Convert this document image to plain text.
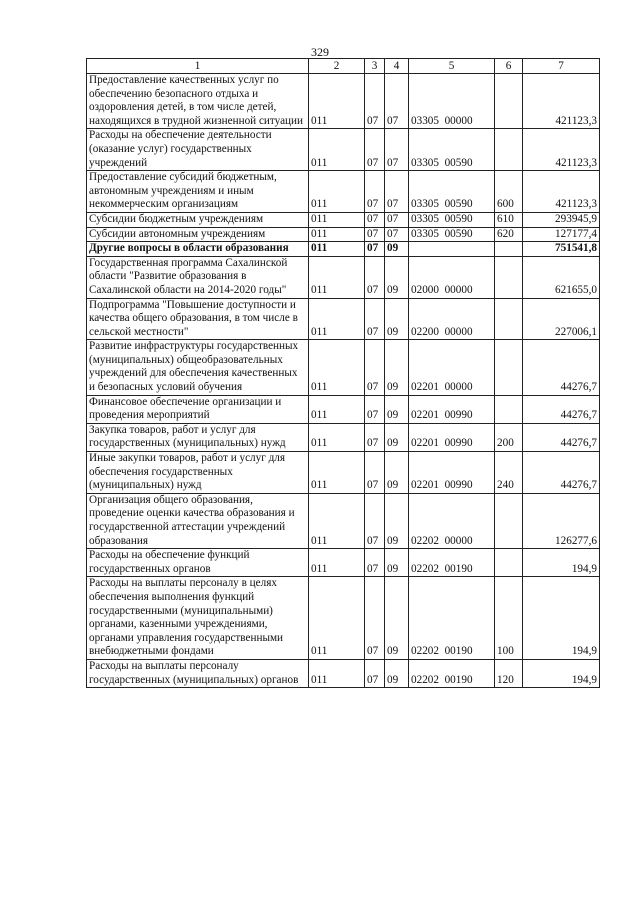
329
1	2	3	4	5	6	7
Предоставление качественных услуг по обеспечению безопасного отдыха и оздоровления детей, в том числе детей, находящихся в трудной жизненной ситуации	011	07	07	03305  00000		421123,3
Расходы на обеспечение деятельности (оказание услуг) государственных учреждений	011	07	07	03305  00590		421123,3
Предоставление субсидий бюджетным, автономным учреждениям и иным некоммерческим организациям	011	07	07	03305  00590	600	421123,3
Субсидии бюджетным учреждениям	011	07	07	03305  00590	610	293945,9
Субсидии автономным учреждениям	011	07	07	03305  00590	620	127177,4
Другие вопросы в области образования	011	07	09			751541,8
Государственная программа Сахалинской области "Развитие образования в Сахалинской области на 2014-2020 годы"	011	07	09	02000  00000		621655,0
Подпрограмма "Повышение доступности и качества общего образования, в том числе в сельской местности"	011	07	09	02200  00000		227006,1
Развитие инфраструктуры государственных (муниципальных) общеобразовательных учреждений для обеспечения качественных и безопасных условий обучения	011	07	09	02201  00000		44276,7
Финансовое обеспечение организации и проведения мероприятий	011	07	09	02201  00990		44276,7
Закупка товаров, работ и услуг для государственных (муниципальных) нужд	011	07	09	02201  00990	200	44276,7
Иные закупки товаров, работ и услуг для обеспечения государственных (муниципальных) нужд	011	07	09	02201  00990	240	44276,7
Организация общего образования, проведение оценки качества образования и государственной аттестации учреждений образования	011	07	09	02202  00000		126277,6
Расходы на обеспечение функций государственных органов	011	07	09	02202  00190		194,9
Расходы на выплаты персоналу в целях обеспечения выполнения функций государственными (муниципальными) органами, казенными учреждениями, органами управления государственными внебюджетными фондами	011	07	09	02202  00190	100	194,9
Расходы на выплаты персоналу государственных (муниципальных) органов	011	07	09	02202  00190	120	194,9
